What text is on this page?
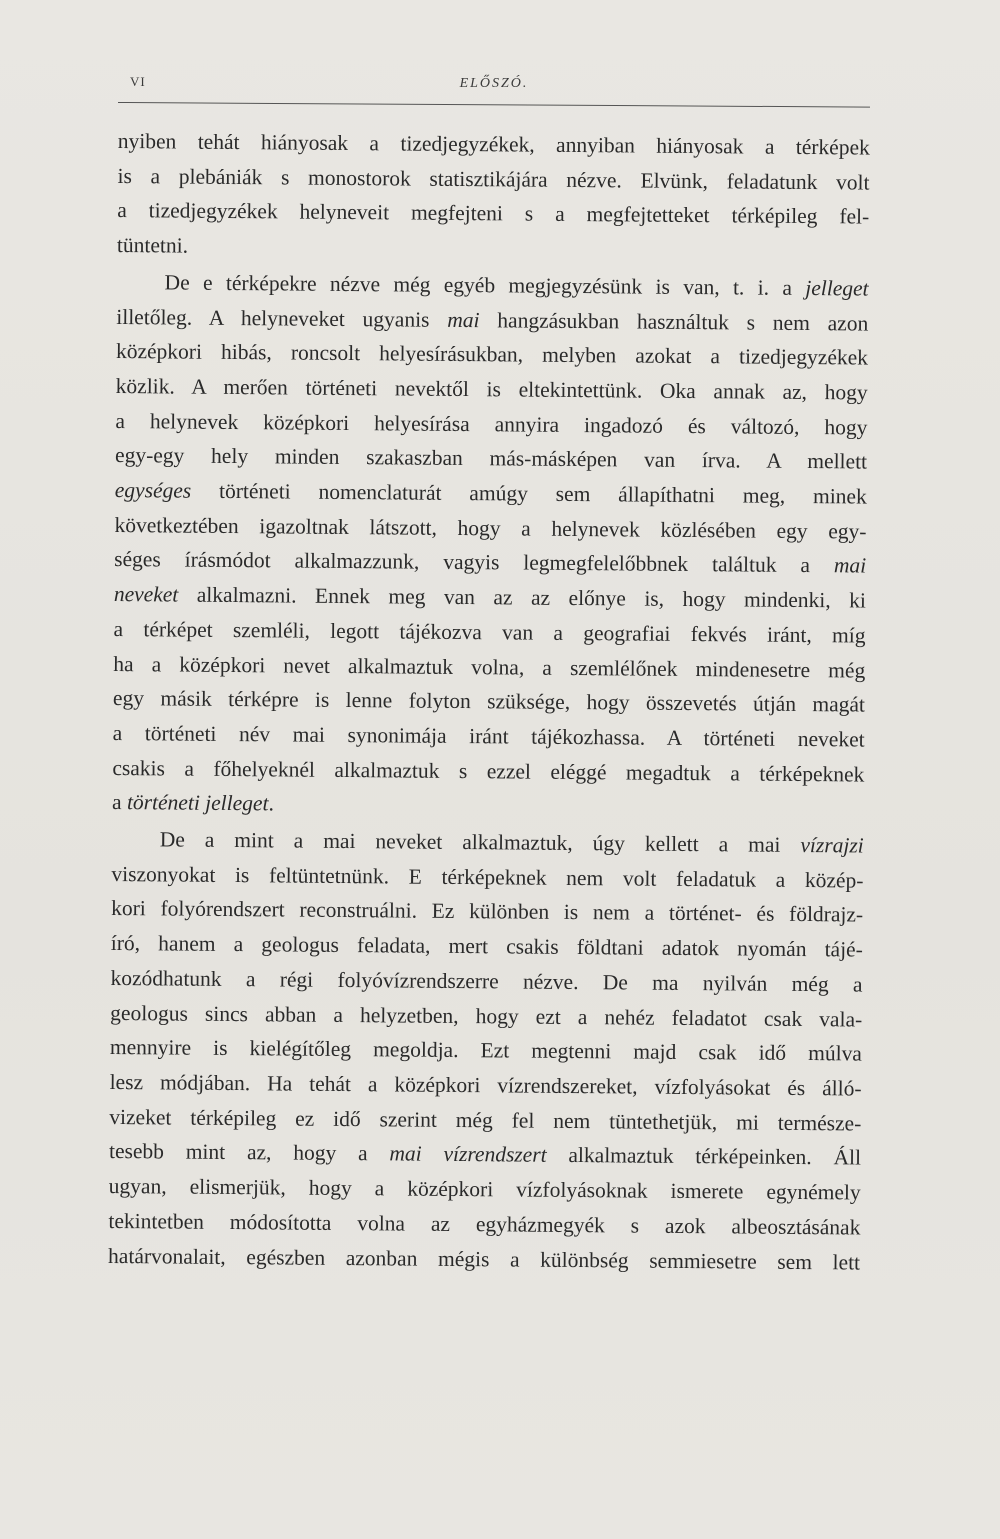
VI	ELŐSZÓ.
nyiben tehát hiányosak a tizedjegyzékek, annyiban hiányosak a térképek
is a plebániák s monostorok statisztikájára nézve. Elvünk, feladatunk volt
a tizedjegyzékek helyneveit megfejteni s a megfejtetteket térképileg fel-
tüntetni.
De e térképekre nézve még egyéb megjegyzésünk is van, t. i. a jelleget
illetőleg. A helyneveket ugyanis mai hangzásukban használtuk s nem azon
középkori hibás, roncsolt helyesírásukban, melyben azokat a tizedjegyzékek
közlik. A merően történeti nevektől is eltekintettünk. Oka annak az, hogy
a helynevek középkori helyesírása annyira ingadozó és változó, hogy
egy-egy hely minden szakaszban más-másképen van írva. A mellett
egységes történeti nomenclaturát amúgy sem állapíthatni meg, minek
következtében igazoltnak látszott, hogy a helynevek közlésében egy egy-
séges írásmódot alkalmazzunk, vagyis legmegfelelőbbnek találtuk a mai
neveket alkalmazni. Ennek meg van az az előnye is, hogy mindenki, ki
a térképet szemléli, legott tájékozva van a geografiai fekvés iránt, míg
ha a középkori nevet alkalmaztuk volna, a szemlélőnek mindenesetre még
egy másik térképre is lenne folyton szüksége, hogy összevetés útján magát
a történeti név mai synonimája iránt tájékozhassa. A történeti neveket
csakis a főhelyeknél alkalmaztuk s ezzel eléggé megadtuk a térképeknek
a történeti jelleget.
De a mint a mai neveket alkalmaztuk, úgy kellett a mai vízrajzi
viszonyokat is feltüntetnünk. E térképeknek nem volt feladatuk a közép-
kori folyórendszert reconstruálni. Ez különben is nem a történet- és földrajz-
író, hanem a geologus feladata, mert csakis földtani adatok nyomán tájé-
kozódhatunk a régi folyóvízrendszerre nézve. De ma nyilván még a
geologus sincs abban a helyzetben, hogy ezt a nehéz feladatot csak vala-
mennyire is kielégítőleg megoldja. Ezt megtenni majd csak idő múlva
lesz módjában. Ha tehát a középkori vízrendszereket, vízfolyásokat és álló-
vizeket térképileg ez idő szerint még fel nem tüntethetjük, mi természe-
tesebb mint az, hogy a mai vízrendszert alkalmaztuk térképeinken. Áll
ugyan, elismerjük, hogy a középkori vízfolyásoknak ismerete egynémely
tekintetben módosította volna az egyházmegyék s azok albeosztásának
határvonalait, egészben azonban mégis a különbség semmiesetre sem lett
